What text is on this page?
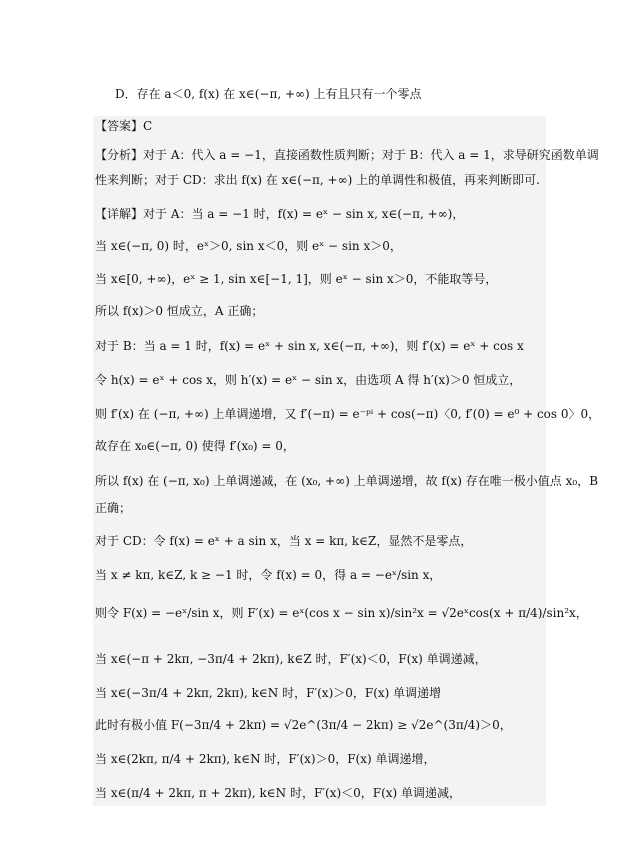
D．存在 a＜0, f(x) 在 x∈(−π, +∞) 上有且只有一个零点
【答案】C
【分析】对于 A：代入 a = −1，直接函数性质判断；对于 B：代入 a = 1，求导研究函数单调
性来判断；对于 CD：求出 f(x) 在 x∈(−π, +∞) 上的单调性和极值，再来判断即可.
【详解】对于 A：当 a = −1 时，f(x) = eˣ − sin x, x∈(−π, +∞)，
当 x∈(−π, 0) 时，eˣ＞0, sin x＜0，则 eˣ − sin x＞0，
当 x∈[0, +∞)，eˣ ≥ 1, sin x∈[−1, 1]，则 eˣ − sin x＞0，不能取等号，
所以 f(x)＞0 恒成立，A 正确；
对于 B：当 a = 1 时，f(x) = eˣ + sin x, x∈(−π, +∞)，则 f′(x) = eˣ + cos x
令 h(x) = eˣ + cos x，则 h′(x) = eˣ − sin x，由选项 A 得 h′(x)＞0 恒成立，
则 f′(x) 在 (−π, +∞) 上单调递增，又 f′(−π) = e⁻ᵖⁱ + cos(−π)〈0, f′(0) = e⁰ + cos 0〉0，
故存在 x₀∈(−π, 0) 使得 f′(x₀) = 0，
所以 f(x) 在 (−π, x₀) 上单调递减，在 (x₀, +∞) 上单调递增，故 f(x) 存在唯一极小值点 x₀，B
正确；
对于 CD：令 f(x) = eˣ + a sin x，当 x = kπ, k∈Z，显然不是零点，
当 x ≠ kπ, k∈Z, k ≥ −1 时，令 f(x) = 0，得 a = −eˣ/sin x，
则令 F(x) = −eˣ/sin x，则 F′(x) = eˣ(cos x − sin x)/sin²x = √2eˣcos(x + π/4)/sin²x，
当 x∈(−π + 2kπ, −3π/4 + 2kπ), k∈Z 时，F′(x)＜0，F(x) 单调递减，
当 x∈(−3π/4 + 2kπ, 2kπ), k∈N 时，F′(x)＞0，F(x) 单调递增
此时有极小值 F(−3π/4 + 2kπ) = √2e^(3π/4 − 2kπ) ≥ √2e^(3π/4)＞0，
当 x∈(2kπ, π/4 + 2kπ), k∈N 时，F′(x)＞0，F(x) 单调递增，
当 x∈(π/4 + 2kπ, π + 2kπ), k∈N 时，F′(x)＜0，F(x) 单调递减，
